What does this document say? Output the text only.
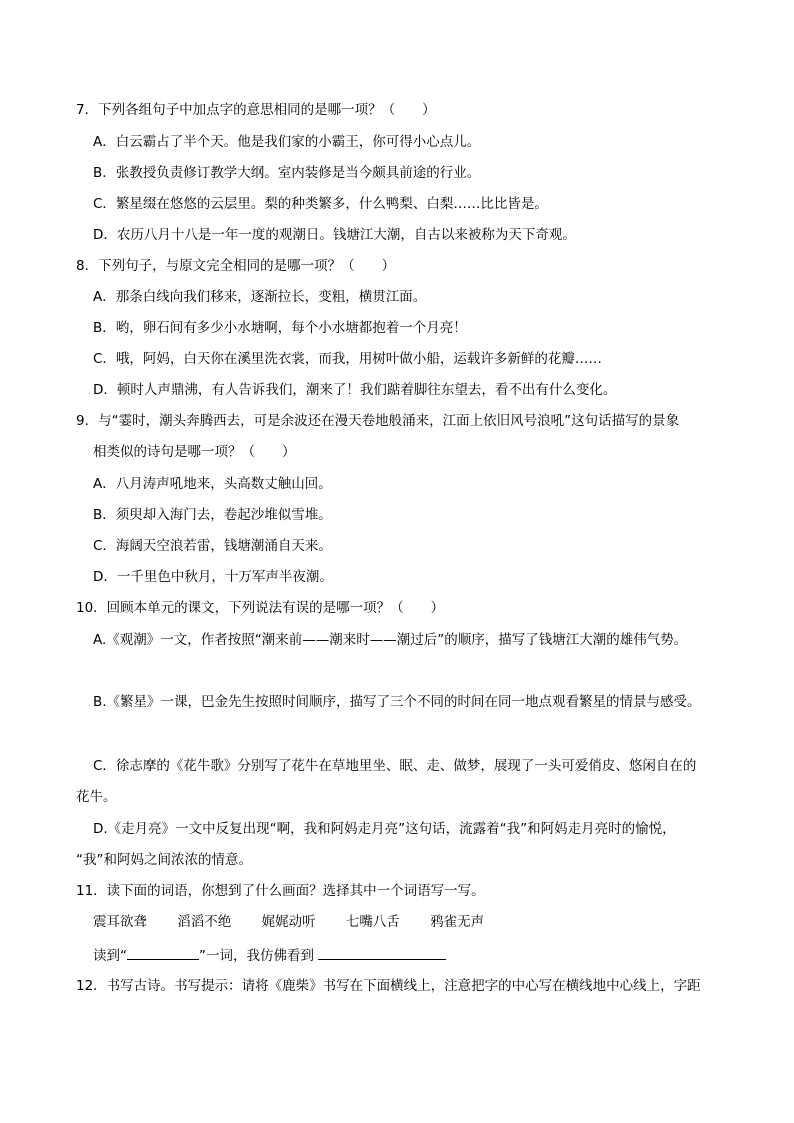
7．下列各组句子中加点字的意思相同的是哪一项？（　　）
A．白云霸占了半个天。他是我们家的小霸王，你可得小心点儿。
B．张教授负责修订教学大纲。室内装修是当今颇具前途的行业。
C．繁星缀在悠悠的云层里。梨的种类繁多，什么鸭梨、白梨……比比皆是。
D．农历八月十八是一年一度的观潮日。钱塘江大潮，自古以来被称为天下奇观。
8．下列句子，与原文完全相同的是哪一项？（　　）
A．那条白线向我们移来，逐渐拉长，变粗，横贯江面。
B．哟，卵石间有多少小水塘啊，每个小水塘都抱着一个月亮！
C．哦，阿妈，白天你在溪里洗衣裳，而我，用树叶做小船，运载许多新鲜的花瓣……
D．顿时人声鼎沸，有人告诉我们，潮来了！我们踮着脚往东望去，看不出有什么变化。
9．与“霎时，潮头奔腾西去，可是余波还在漫天卷地般涌来，江面上依旧风号浪吼”这句话描写的景象
相类似的诗句是哪一项？（　　）
A．八月涛声吼地来，头高数丈触山回。
B．须臾却入海门去，卷起沙堆似雪堆。
C．海阔天空浪若雷，钱塘潮涌自天来。
D．一千里色中秋月，十万军声半夜潮。
10．回顾本单元的课文，下列说法有误的是哪一项？（　　）
A.《观潮》一文，作者按照“潮来前——潮来时——潮过后”的顺序，描写了钱塘江大潮的雄伟气势。
B.《繁星》一课，巴金先生按照时间顺序，描写了三个不同的时间在同一地点观看繁星的情景与感受。
C．徐志摩的《花牛歌》分别写了花牛在草地里坐、眠、走、做梦，展现了一头可爱俏皮、悠闲自在的
花牛。
D.《走月亮》一文中反复出现“啊，我和阿妈走月亮”这句话，流露着“我”和阿妈走月亮时的愉悦，
“我”和阿妈之间浓浓的情意。
11．读下面的词语，你想到了什么画面？选择其中一个词语写一写。
震耳欲聋 滔滔不绝 娓娓动听 七嘴八舌 鸦雀无声
读到“	”一词，我仿佛看到
12．书写古诗。书写提示：请将《鹿柴》书写在下面横线上，注意把字的中心写在横线地中心线上，字距
